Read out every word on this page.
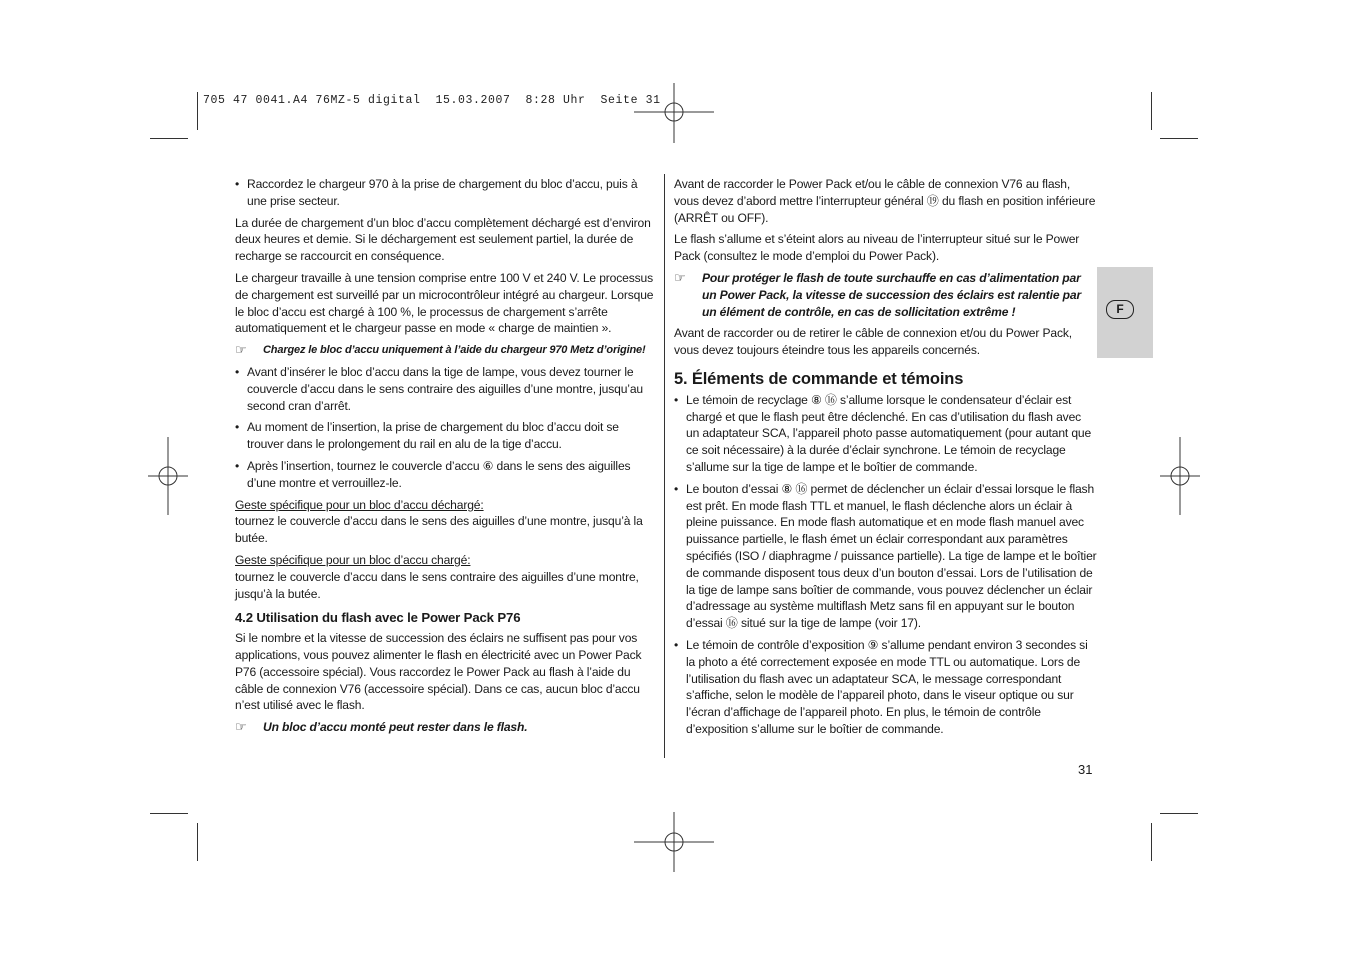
705 47 0041.A4 76MZ-5 digital  15.03.2007  8:28 Uhr  Seite 31
F
• Raccordez le chargeur 970 à la prise de chargement du bloc d’accu, puis à une prise secteur.

La durée de chargement d’un bloc d’accu complètement déchargé est d’environ deux heures et demie. Si le déchargement est seulement partiel, la durée de recharge se raccourcit en conséquence.

Le chargeur travaille à une tension comprise entre 100 V et 240 V. Le processus de chargement est surveillé par un microcontrôleur intégré au chargeur. Lorsque le bloc d’accu est chargé à 100 %, le processus de chargement s’arrête automatiquement et le chargeur passe en mode « charge de maintien ».

☞	Chargez le bloc d’accu uniquement à l’aide du chargeur 970 Metz d’origine!
• Avant d’insérer le bloc d’accu dans la tige de lampe, vous devez tourner le couvercle d’accu dans le sens contraire des aiguilles d’une montre, jusqu’au second cran d’arrêt.
• Au moment de l’insertion, la prise de chargement du bloc d’accu doit se trouver dans le prolongement du rail en alu de la tige d’accu.
• Après l’insertion, tournez le couvercle d’accu ⑥ dans le sens des aiguilles d’une montre et verrouillez-le.

Geste spécifique pour un bloc d’accu déchargé:

tournez le couvercle d’accu dans le sens des aiguilles d’une montre, jusqu’à la butée.

Geste spécifique pour un bloc d’accu chargé:

tournez le couvercle d’accu dans le sens contraire des aiguilles d’une montre, jusqu’à la butée.

4.2 Utilisation du flash avec le Power Pack P76

Si le nombre et la vitesse de succession des éclairs ne suffisent pas pour vos applications, vous pouvez alimenter le flash en électricité avec un Power Pack P76 (accessoire spécial). Vous raccordez le Power Pack au flash à l’aide du câble de connexion V76 (accessoire spécial). Dans ce cas, aucun bloc d’accu n’est utilisé avec le flash.

☞	Un bloc d’accu monté peut rester dans le flash.

Avant de raccorder le Power Pack et/ou le câble de connexion V76 au flash, vous devez d’abord mettre l’interrupteur général ⑲ du flash en position inférieure (ARRÊT ou OFF).

Le flash s’allume et s’éteint alors au niveau de l’interrupteur situé sur le Power Pack (consultez le mode d’emploi du Power Pack).

☞	Pour protéger le flash de toute surchauffe en cas d’alimentation par un Power Pack, la vitesse de succession des éclairs est ralentie par un élément de contrôle, en cas de sollicitation extrême !

Avant de raccorder ou de retirer le câble de connexion et/ou du Power Pack, vous devez toujours éteindre tous les appareils concernés.

5. Éléments de commande et témoins
• Le témoin de recyclage ⑧ ⑯ s’allume lorsque le condensateur d’éclair est chargé et que le flash peut être déclenché. En cas d’utilisation du flash avec un adaptateur SCA, l’appareil photo passe automatiquement (pour autant que ce soit nécessaire) à la durée d’éclair synchrone. Le témoin de recyclage s’allume sur la tige de lampe et le boîtier de commande.
• Le bouton d’essai ⑧ ⑯ permet de déclencher un éclair d’essai lorsque le flash est prêt. En mode flash TTL et manuel, le flash déclenche alors un éclair à pleine puissance. En mode flash automatique et en mode flash manuel avec puissance partielle, le flash émet un éclair correspondant aux paramètres spécifiés (ISO / diaphragme / puissance partielle). La tige de lampe et le boîtier de commande disposent tous deux d’un bouton d’essai. Lors de l’utilisation de la tige de lampe sans boîtier de commande, vous pouvez déclencher un éclair d’adressage au système multiflash Metz sans fil en appuyant sur le bouton d’essai ⑯ situé sur la tige de lampe (voir 17).
• Le témoin de contrôle d’exposition ⑨ s’allume pendant environ 3 secondes si la photo a été correctement exposée en mode TTL ou automatique. Lors de l’utilisation du flash avec un adaptateur SCA, le message correspondant s’affiche, selon le modèle de l’appareil photo, dans le viseur optique ou sur l’écran d’affichage de l’appareil photo. En plus, le témoin de contrôle d’exposition s’allume sur le boîtier de commande.
31
